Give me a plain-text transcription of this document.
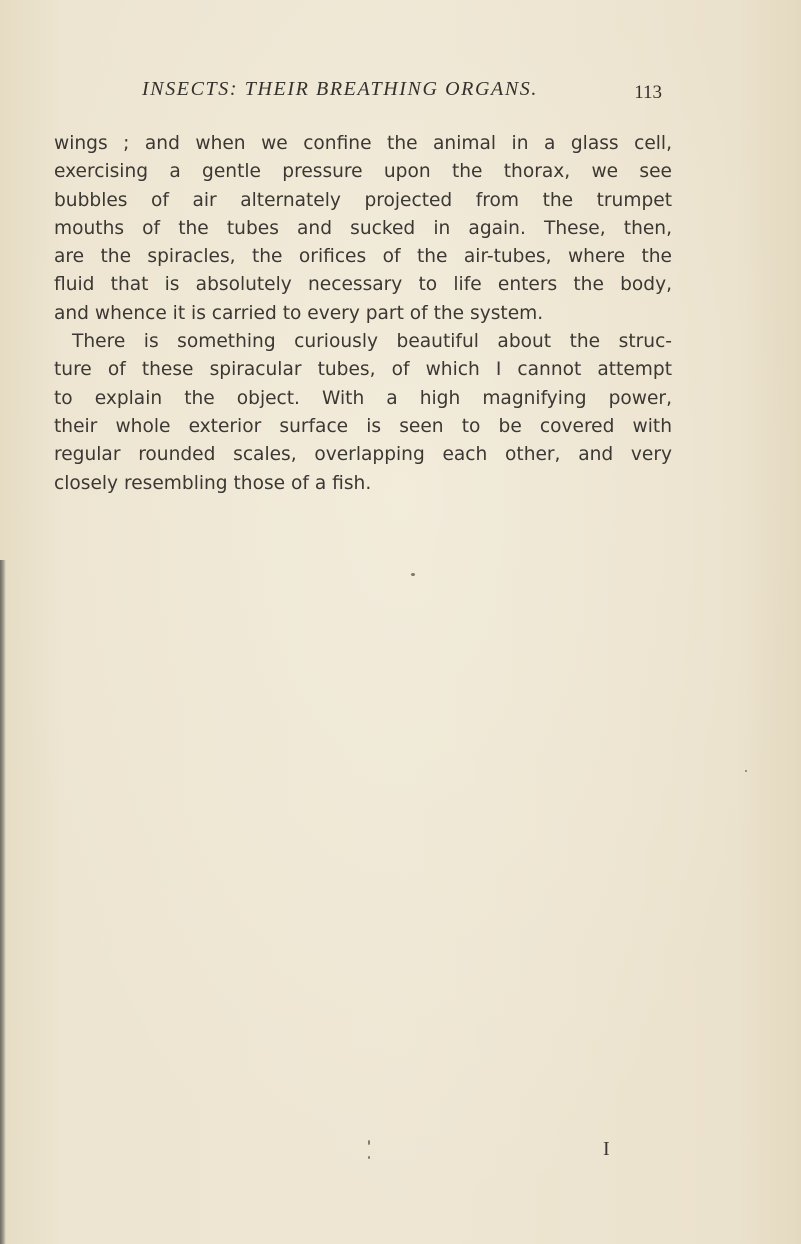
INSECTS: THEIR BREATHING ORGANS.	113
wings ; and when we confine the animal in a glass cell,
exercising a gentle pressure upon the thorax, we see
bubbles of air alternately projected from the trumpet
mouths of the tubes and sucked in again. These, then,
are the spiracles, the orifices of the air-tubes, where the
fluid that is absolutely necessary to life enters the body,
and whence it is carried to every part of the system.
There is something curiously beautiful about the struc-
ture of these spiracular tubes, of which I cannot attempt
to explain the object. With a high magnifying power,
their whole exterior surface is seen to be covered with
regular rounded scales, overlapping each other, and very
closely resembling those of a fish.
I
